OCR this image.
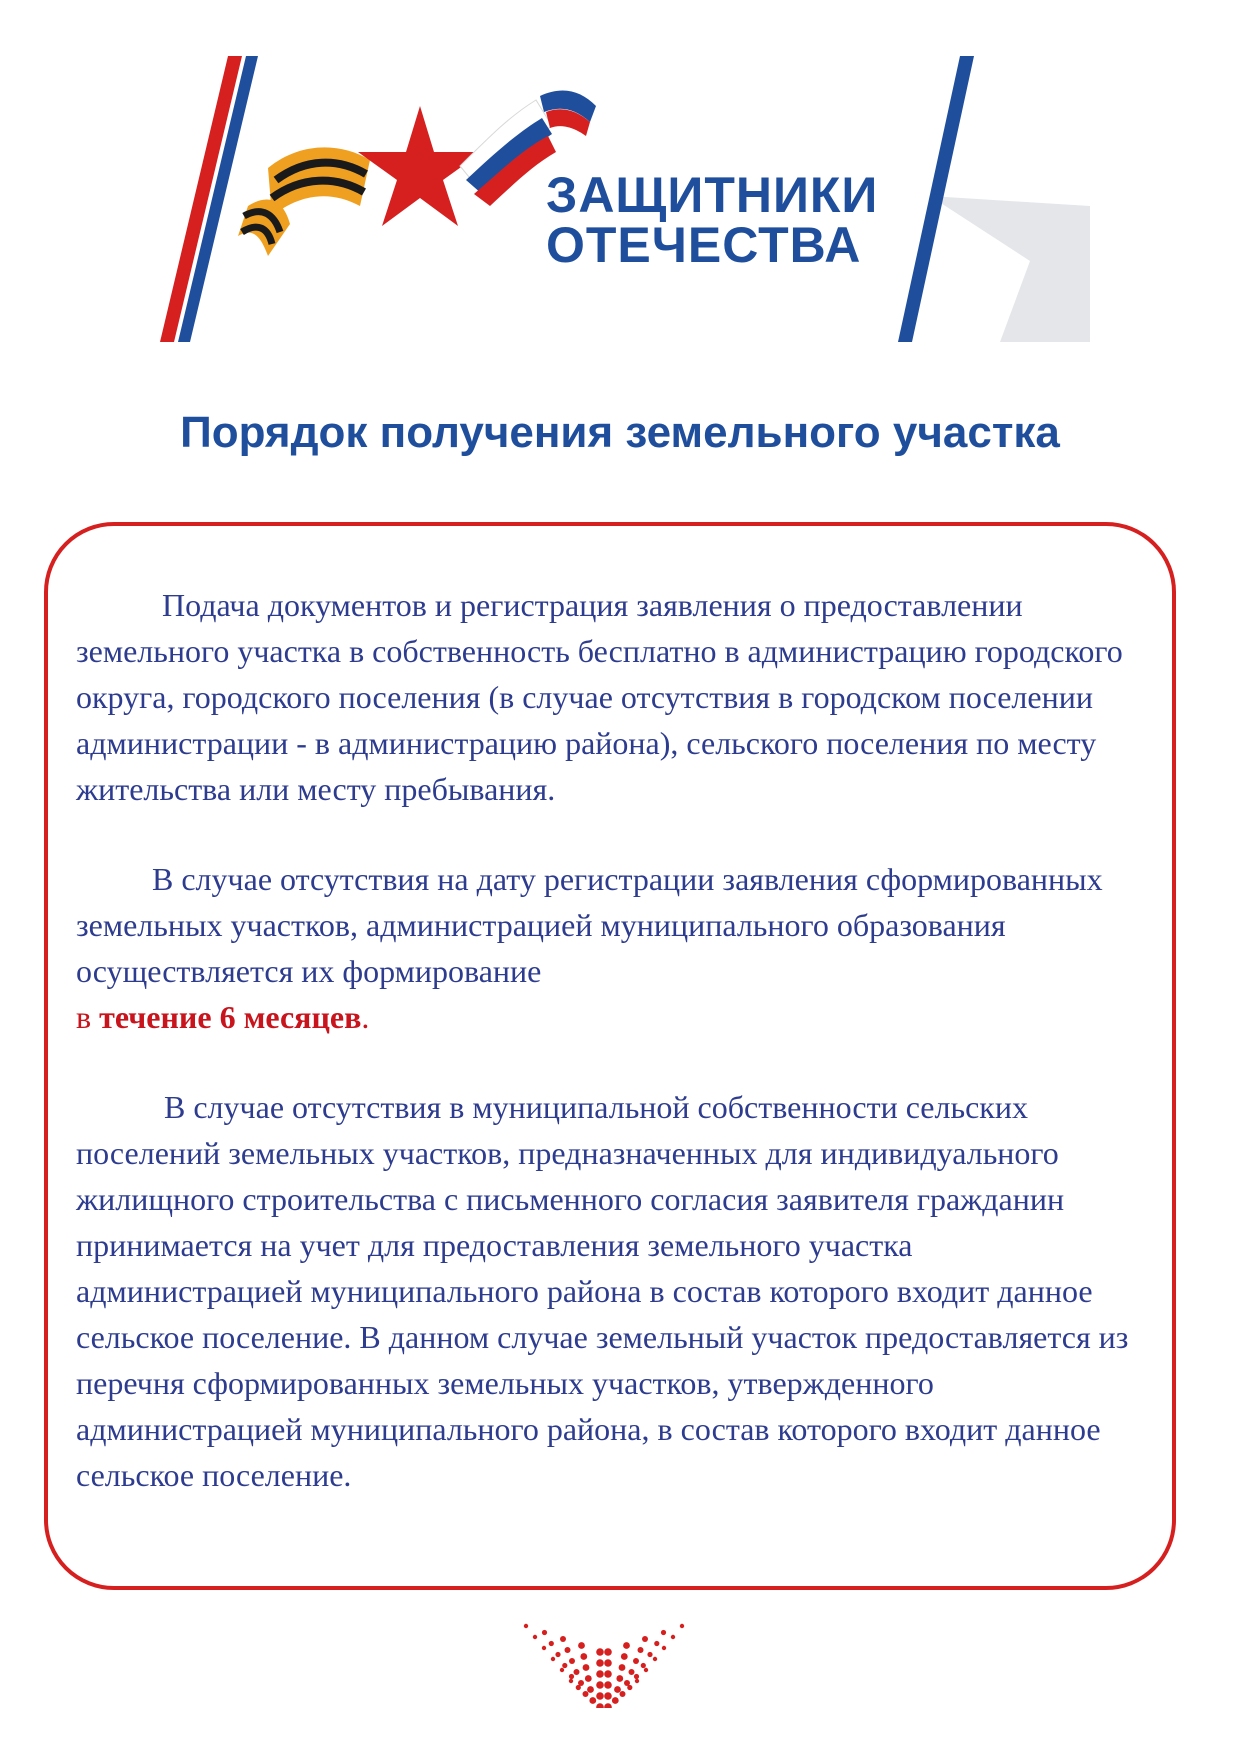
ЗАЩИТНИКИ
ОТЕЧЕСТВА
Порядок получения земельного участка

Подача документов и регистрация заявления о предоставлении земельного участка в собственность бесплатно в администрацию городского округа, городского поселения (в случае отсутствия в городском поселении администрации - в администрацию района), сельского поселения по месту жительства или месту пребывания.

В случае отсутствия на дату регистрации заявления сформированных земельных участков, администрацией муниципального образования осуществляется их формирование
в течение 6 месяцев.

В случае отсутствия в муниципальной собственности сельских поселений земельных участков, предназначенных для индивидуального жилищного строительства с письменного согласия заявителя гражданин принимается на учет для предоставления земельного участка администрацией муниципального района в состав которого входит данное сельское поселение. В данном случае земельный участок предоставляется из перечня сформированных земельных участков, утвержденного администрацией муниципального района, в состав которого входит данное сельское поселение.
